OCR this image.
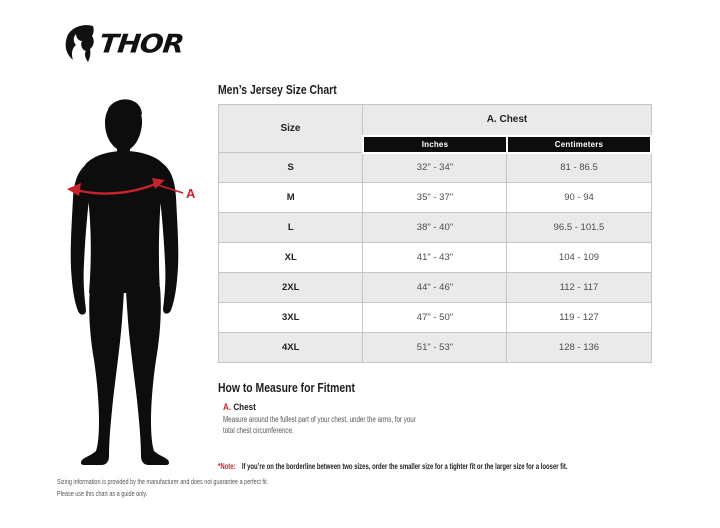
THOR
A
Men’s Jersey Size Chart
Size	A. Chest	
	Inches	Centimeters
S	32" - 34"	81 - 86.5
M	35" - 37"	90 - 94
L	38" - 40"	96.5 - 101.5
XL	41" - 43"	104 - 109
2XL	44" - 46"	112 - 117
3XL	47" - 50"	119 - 127
4XL	51" - 53"	128 - 136
How to Measure for Fitment
A. Chest
Measure around the fullest part of your chest, under the arms, for your
total chest circumference.
*Note: If you’re on the borderline between two sizes, order the smaller size for a tighter fit or the larger size for a looser fit.
Sizing information is provided by the manufacturer and does not guarantee a perfect fit.
Please use this chart as a guide only.
